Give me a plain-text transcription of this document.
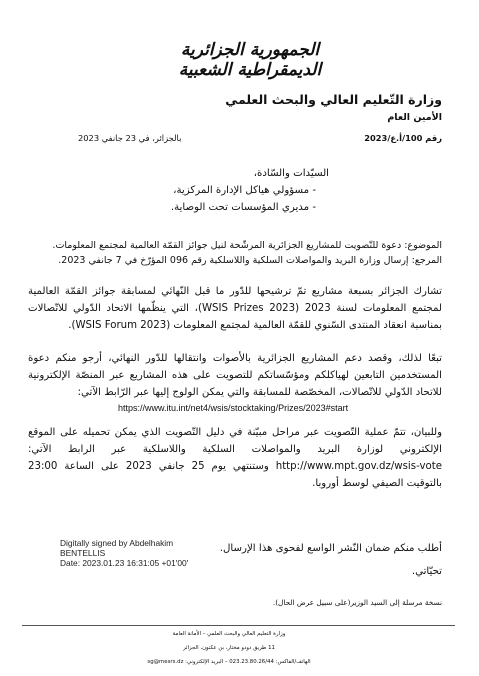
الجمهورية الجزائرية الديمقراطية الشعبية
وزارة التّعليم العالي والبحث العلمي
الأمين العام
رقم 100/أ.ع/2023
بالجزائر، في 23 جانفي 2023
السيّدات والسّادة،
- مسؤولي هياكل الإدارة المركزية،
- مديري المؤسسات تحت الوصاية.
الموضوع: دعوة للتّصويت للمشاريع الجزائرية المرشّحة لنيل جوائز القمّة العالمية لمجتمع المعلومات.
المرجع: إرسال وزارة البريد والمواصلات السلكية واللاسلكية رقم 096 المؤرّخ في 7 جانفي 2023.
تشارك الجزائر بسبعة مشاريع تمّ ترشيحها للدّور ما قبل النّهائي لمسابقة جوائز القمّة العالمية لمجتمع المعلومات لسنة 2023 (WSIS Prizes 2023)، التي ينظّمها الاتحاد الدّولي للاتّصالات بمناسبة انعقاد المنتدى السّنوي للقمّة العالمية لمجتمع المعلومات (WSIS Forum 2023).
تبعًا لذلك، وقصد دعم المشاريع الجزائرية بالأصوات وانتقالها للدّور النهائي، أرجو منكم دعوة المستخدمين التابعين لهياكلكم ومؤسّساتكم للتصويت على هذه المشاريع عبر المنصّة الإلكترونية للاتحاد الدّولي للاتّصالات، المخصّصة للمسابقة والتي يمكن الولوج إليها عبر الرّابط الآتي:
https://www.itu.int/net4/wsis/stocktaking/Prizes/2023#start
وللبيان، تتمّ عملية التّصويت عبر مراحل مبيّنة في دليل التّصويت الذي يمكن تحميله على الموقع الإلكتروني لوزارة البريد والمواصلات السلكية واللاسلكية عبر الرابط الآتي: http://www.mpt.gov.dz/wsis-vote وستنتهي يوم 25 جانفي 2023 على الساعة 23:00 بالتوقيت الصيفي لوسط أوروبا.
Digitally signed by Abdelhakim
BENTELLIS
Date: 2023.01.23 16:31:05 +01'00'
أطلب منكم ضمان النّشر الواسع لفحوى هذا الإرسال.
تحيّاتي.
نسخة مرسلة إلى السيد الوزير(على سبيل عرض الحال).
وزارة التعليم العالي والبحث العلمي – الأمانة العامة
11 طريق دودو مختار، بن عكنون، الجزائر
الهاتف/الفاكس: 023.23.80.26/44 – البريد الإلكتروني: sg@mesrs.dz
